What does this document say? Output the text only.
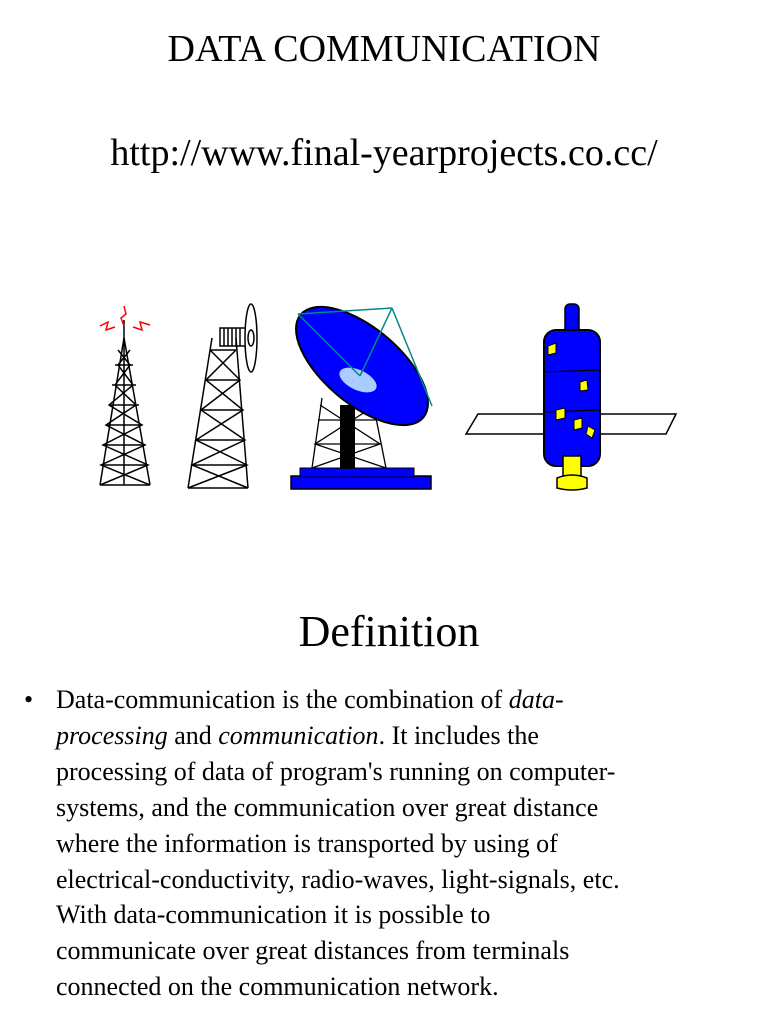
DATA COMMUNICATION
http://www.final-yearprojects.co.cc/
Definition
• Data-communication is the combination of data-
processing and communication. It includes the
processing of data of program's running on computer-
systems, and the communication over great distance
where the information is transported by using of
electrical-conductivity, radio-waves, light-signals, etc.
With data-communication it is possible to
communicate over great distances from terminals
connected on the communication network.
